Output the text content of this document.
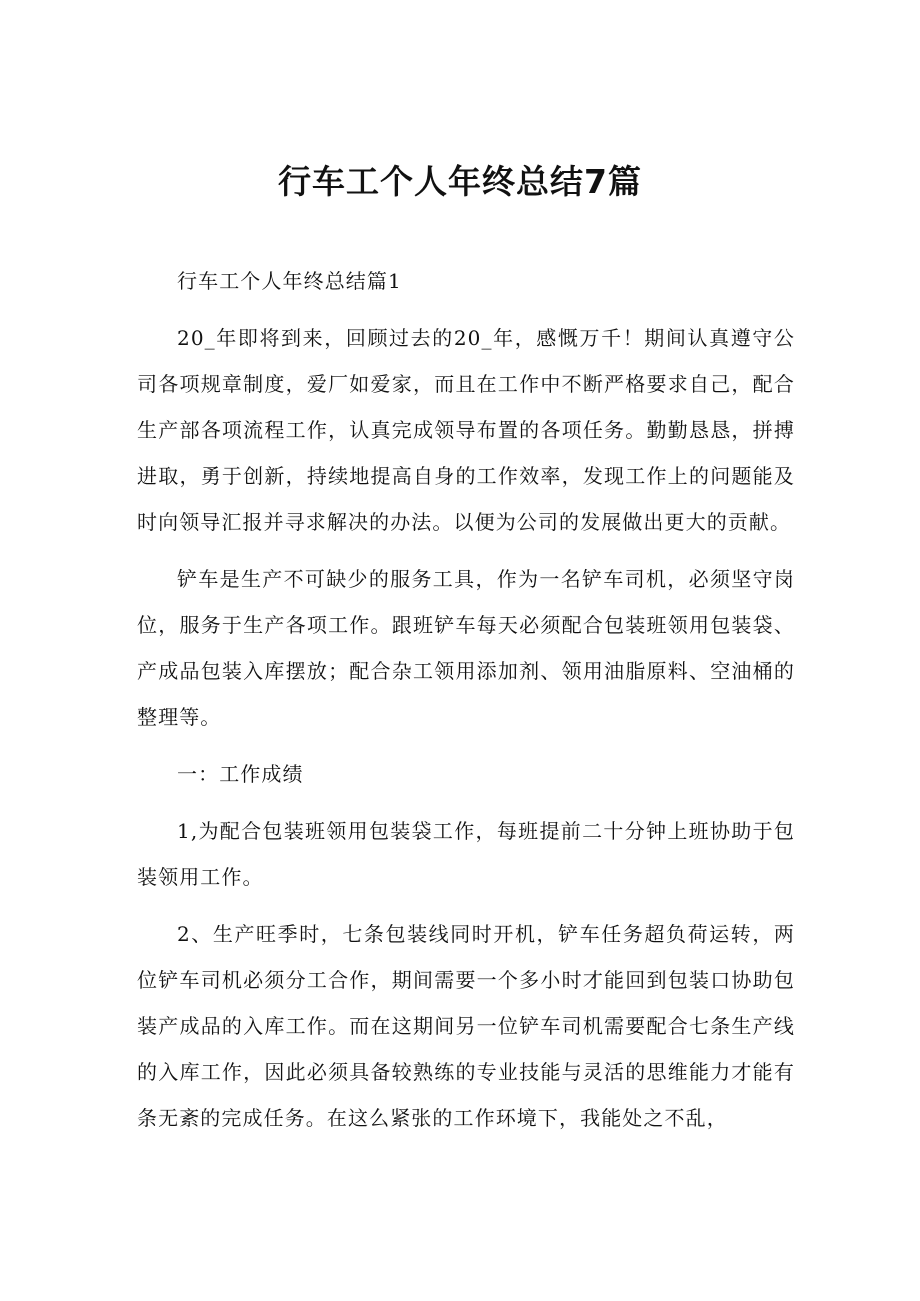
行车工个人年终总结7篇

行车工个人年终总结篇1

20_年即将到来，回顾过去的20_年，感慨万千！期间认真遵守公司各项规章制度，爱厂如爱家，而且在工作中不断严格要求自己，配合生产部各项流程工作，认真完成领导布置的各项任务。勤勤恳恳，拼搏进取，勇于创新，持续地提高自身的工作效率，发现工作上的问题能及时向领导汇报并寻求解决的办法。以便为公司的发展做出更大的贡献。

铲车是生产不可缺少的服务工具，作为一名铲车司机，必须坚守岗位，服务于生产各项工作。跟班铲车每天必须配合包装班领用包装袋、产成品包装入库摆放；配合杂工领用添加剂、领用油脂原料、空油桶的整理等。

一：工作成绩

1,为配合包装班领用包装袋工作，每班提前二十分钟上班协助于包装领用工作。

2、生产旺季时，七条包装线同时开机，铲车任务超负荷运转，两位铲车司机必须分工合作，期间需要一个多小时才能回到包装口协助包装产成品的入库工作。而在这期间另一位铲车司机需要配合七条生产线的入库工作，因此必须具备较熟练的专业技能与灵活的思维能力才能有条无紊的完成任务。在这么紧张的工作环境下，我能处之不乱，
